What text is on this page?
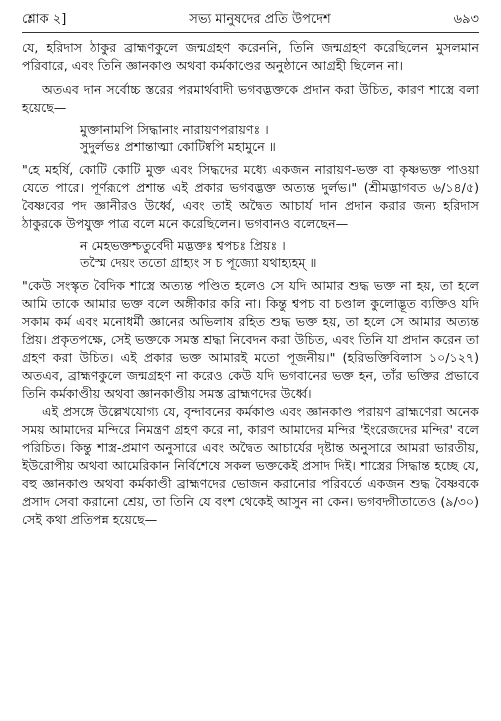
শ্লোক ২]	সভ্য মানুষদের প্রতি উপদেশ	৬৯৩

যে, হরিদাস ঠাকুর ব্রাহ্মণকুলে জন্মগ্রহণ করেননি, তিনি জন্মগ্রহণ করেছিলেন মুসলমান পরিবারে, এবং তিনি জ্ঞানকাণ্ড অথবা কর্মকাণ্ডের অনুষ্ঠানে আগ্রহী ছিলেন না।

অতএব দান সর্বোচ্চ স্তরের পরমার্থবাদী ভগবদ্ভক্তকে প্রদান করা উচিত, কারণ শাস্ত্রে বলা হয়েছে—

মুক্তানামপি সিদ্ধানাং নারায়ণপরায়ণঃ ।
সুদুর্লভঃ প্রশান্তাত্মা কোটিষ্বপি মহামুনে ॥

"হে মহর্ষি, কোটি কোটি মুক্ত এবং সিদ্ধদের মধ্যে একজন নারায়ণ-ভক্ত বা কৃষ্ণভক্ত পাওয়া যেতে পারে। পূর্ণরূপে প্রশান্ত এই প্রকার ভগবদ্ভক্ত অত্যন্ত দুর্লভ।" (শ্রীমদ্ভাগবত ৬/১৪/৫) বৈষ্ণবের পদ জ্ঞানীরও উর্ধ্বে, এবং তাই অদ্বৈত আচার্য দান প্রদান করার জন্য হরিদাস ঠাকুরকে উপযুক্ত পাত্র বলে মনে করেছিলেন। ভগবানও বলেছেন—

ন মেহভক্তশ্চতুর্বেদী মদ্ভক্তঃ শ্বপচঃ প্রিয়ঃ ।
তস্মৈ দেয়ং ততো গ্রাহ্যং স চ পূজ্যো যথাহ্যহম্ ॥

"কেউ সংস্কৃত বৈদিক শাস্ত্রে অত্যন্ত পণ্ডিত হলেও সে যদি আমার শুদ্ধ ভক্ত না হয়, তা হলে আমি তাকে আমার ভক্ত বলে অঙ্গীকার করি না। কিন্তু শ্বপচ বা চণ্ডাল কুলোদ্ভূত ব্যক্তিও যদি সকাম কর্ম এবং মনোধর্মী জ্ঞানের অভিলাষ রহিত শুদ্ধ ভক্ত হয়, তা হলে সে আমার অত্যন্ত প্রিয়। প্রকৃতপক্ষে, সেই ভক্তকে সমস্ত শ্রদ্ধা নিবেদন করা উচিত, এবং তিনি যা প্রদান করেন তা গ্রহণ করা উচিত। এই প্রকার ভক্ত আমারই মতো পূজনীয়।" (হরিভক্তিবিলাস ১০/১২৭) অতএব, ব্রাহ্মণকুলে জন্মগ্রহণ না করেও কেউ যদি ভগবানের ভক্ত হন, তাঁর ভক্তির প্রভাবে তিনি কর্মকাণ্ডীয় অথবা জ্ঞানকাণ্ডীয় সমস্ত ব্রাহ্মণদের উর্ধ্বে।

এই প্রসঙ্গে উল্লেখযোগ্য যে, বৃন্দাবনের কর্মকাণ্ড এবং জ্ঞানকাণ্ড পরায়ণ ব্রাহ্মণেরা অনেক সময় আমাদের মন্দিরে নিমন্ত্রণ গ্রহণ করে না, কারণ আমাদের মন্দির 'ইংরেজদের মন্দির' বলে পরিচিত। কিন্তু শাস্ত্র-প্রমাণ অনুসারে এবং অদ্বৈত আচার্যের দৃষ্টান্ত অনুসারে আমরা ভারতীয়, ইউরোপীয় অথবা আমেরিকান নির্বিশেষে সকল ভক্তকেই প্রসাদ দিই। শাস্ত্রের সিদ্ধান্ত হচ্ছে যে, বহু জ্ঞানকাণ্ড অথবা কর্মকাণ্ডী ব্রাহ্মণদের ভোজন করানোর পরিবর্তে একজন শুদ্ধ বৈষ্ণবকে প্রসাদ সেবা করানো শ্রেয়, তা তিনি যে বংশ থেকেই আসুন না কেন। ভগবদ্গীতাতেও (৯/৩০) সেই কথা প্রতিপন্ন হয়েছে—
